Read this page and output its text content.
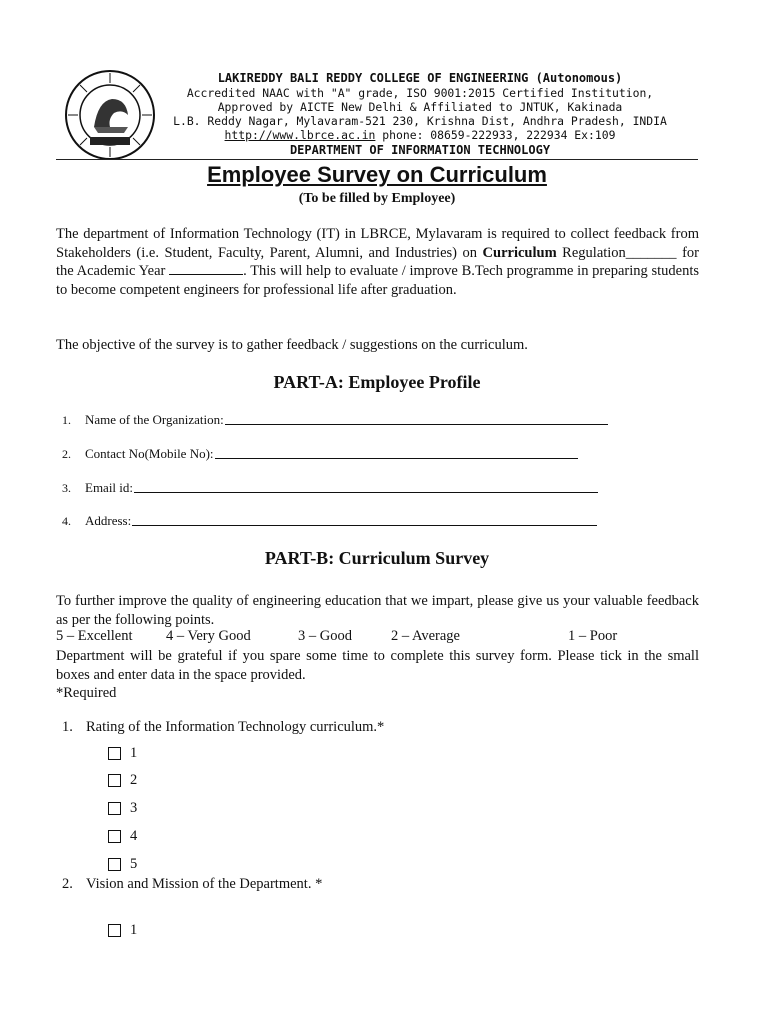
LAKIREDDY BALI REDDY COLLEGE OF ENGINEERING (Autonomous)
Accredited NAAC with "A" grade, ISO 9001:2015 Certified Institution,
Approved by AICTE New Delhi & Affiliated to JNTUK, Kakinada
L.B. Reddy Nagar, Mylavaram-521 230, Krishna Dist, Andhra Pradesh, INDIA
http://www.lbrce.ac.in phone: 08659-222933, 222934 Ex:109
DEPARTMENT OF INFORMATION TECHNOLOGY
Employee Survey on Curriculum
(To be filled by Employee)
The department of Information Technology (IT) in LBRCE, Mylavaram is required to collect feedback from Stakeholders (i.e. Student, Faculty, Parent, Alumni, and Industries) on Curriculum Regulation_______ for the Academic Year	. This will help to evaluate / improve B.Tech programme in preparing students to become competent engineers for professional life after graduation.
The objective of the survey is to gather feedback / suggestions on the curriculum.
PART-A: Employee Profile
1.	Name of the Organization:
2.	Contact No(Mobile No):
3.	Email id:
4.	Address:
PART-B: Curriculum Survey
To further improve the quality of engineering education that we impart, please give us your valuable feedback as per the following points.
5 – Excellent 4 – Very Good	3 – Good	2 – Average	1 – Poor
Department will be grateful if you spare some time to complete this survey form. Please tick in the small boxes and enter data in the space provided.
*Required
1. Rating of the Information Technology curriculum.*
1
2
3
4
5
2. Vision and Mission of the Department. *
1
